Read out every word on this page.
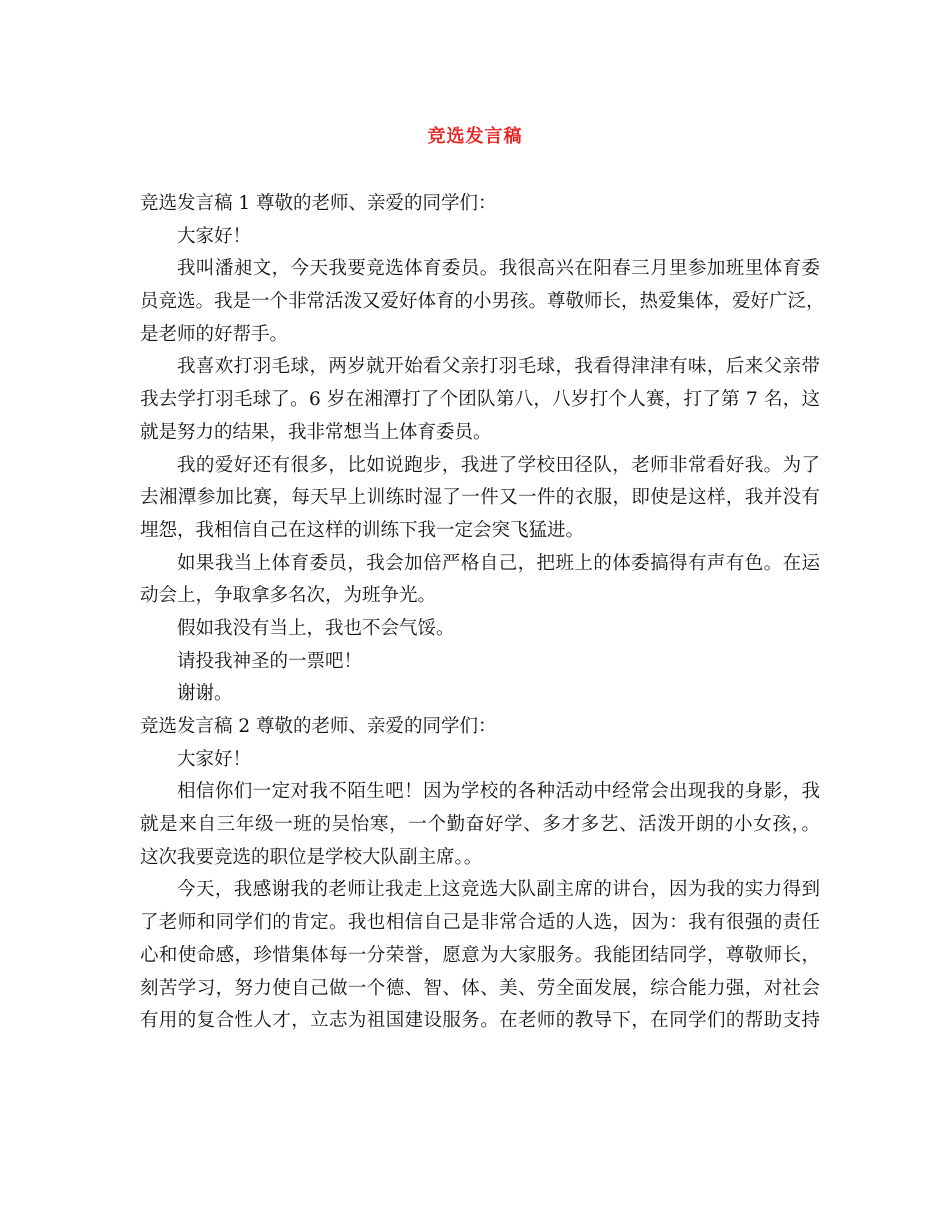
竞选发言稿
竞选发言稿 1 尊敬的老师、亲爱的同学们：
大家好！
我叫潘昶文，今天我要竞选体育委员。我很高兴在阳春三月里参加班里体育委
员竞选。我是一个非常活泼又爱好体育的小男孩。尊敬师长，热爱集体，爱好广泛，
是老师的好帮手。
我喜欢打羽毛球，两岁就开始看父亲打羽毛球，我看得津津有味，后来父亲带
我去学打羽毛球了。6 岁在湘潭打了个团队第八，八岁打个人赛，打了第 7 名，这
就是努力的结果，我非常想当上体育委员。
我的爱好还有很多，比如说跑步，我进了学校田径队，老师非常看好我。为了
去湘潭参加比赛，每天早上训练时湿了一件又一件的衣服，即使是这样，我并没有
埋怨，我相信自己在这样的训练下我一定会突飞猛进。
如果我当上体育委员，我会加倍严格自己，把班上的体委搞得有声有色。在运
动会上，争取拿多名次，为班争光。
假如我没有当上，我也不会气馁。
请投我神圣的一票吧！
谢谢。
竞选发言稿 2 尊敬的老师、亲爱的同学们：
大家好！
相信你们一定对我不陌生吧！因为学校的各种活动中经常会出现我的身影，我
就是来自三年级一班的吴怡寒，一个勤奋好学、多才多艺、活泼开朗的小女孩，。
这次我要竞选的职位是学校大队副主席。。
今天，我感谢我的老师让我走上这竞选大队副主席的讲台，因为我的实力得到
了老师和同学们的肯定。我也相信自己是非常合适的人选，因为：我有很强的责任
心和使命感，珍惜集体每一分荣誉，愿意为大家服务。我能团结同学，尊敬师长，
刻苦学习，努力使自己做一个德、智、体、美、劳全面发展，综合能力强，对社会
有用的复合性人才，立志为祖国建设服务。在老师的教导下，在同学们的帮助支持
